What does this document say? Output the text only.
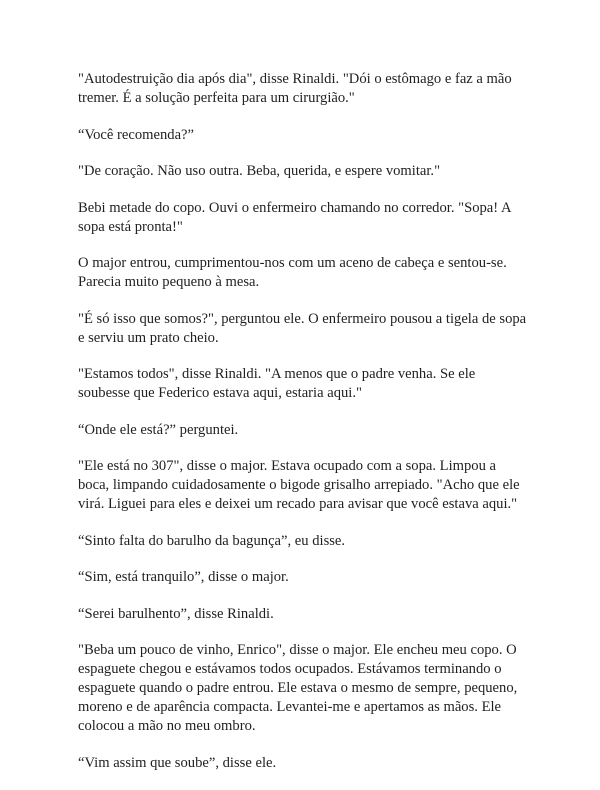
"Autodestruição dia após dia", disse Rinaldi. "Dói o estômago e faz a mão tremer. É a solução perfeita para um cirurgião."

“Você recomenda?”

"De coração. Não uso outra. Beba, querida, e espere vomitar."

Bebi metade do copo. Ouvi o enfermeiro chamando no corredor. "Sopa! A sopa está pronta!"

O major entrou, cumprimentou-nos com um aceno de cabeça e sentou-se. Parecia muito pequeno à mesa.

"É só isso que somos?", perguntou ele. O enfermeiro pousou a tigela de sopa e serviu um prato cheio.

"Estamos todos", disse Rinaldi. "A menos que o padre venha. Se ele soubesse que Federico estava aqui, estaria aqui."

“Onde ele está?” perguntei.

"Ele está no 307", disse o major. Estava ocupado com a sopa. Limpou a boca, limpando cuidadosamente o bigode grisalho arrepiado. "Acho que ele virá. Liguei para eles e deixei um recado para avisar que você estava aqui."

“Sinto falta do barulho da bagunça”, eu disse.

“Sim, está tranquilo”, disse o major.

“Serei barulhento”, disse Rinaldi.

"Beba um pouco de vinho, Enrico", disse o major. Ele encheu meu copo. O espaguete chegou e estávamos todos ocupados. Estávamos terminando o espaguete quando o padre entrou. Ele estava o mesmo de sempre, pequeno, moreno e de aparência compacta. Levantei-me e apertamos as mãos. Ele colocou a mão no meu ombro.

“Vim assim que soube”, disse ele.
